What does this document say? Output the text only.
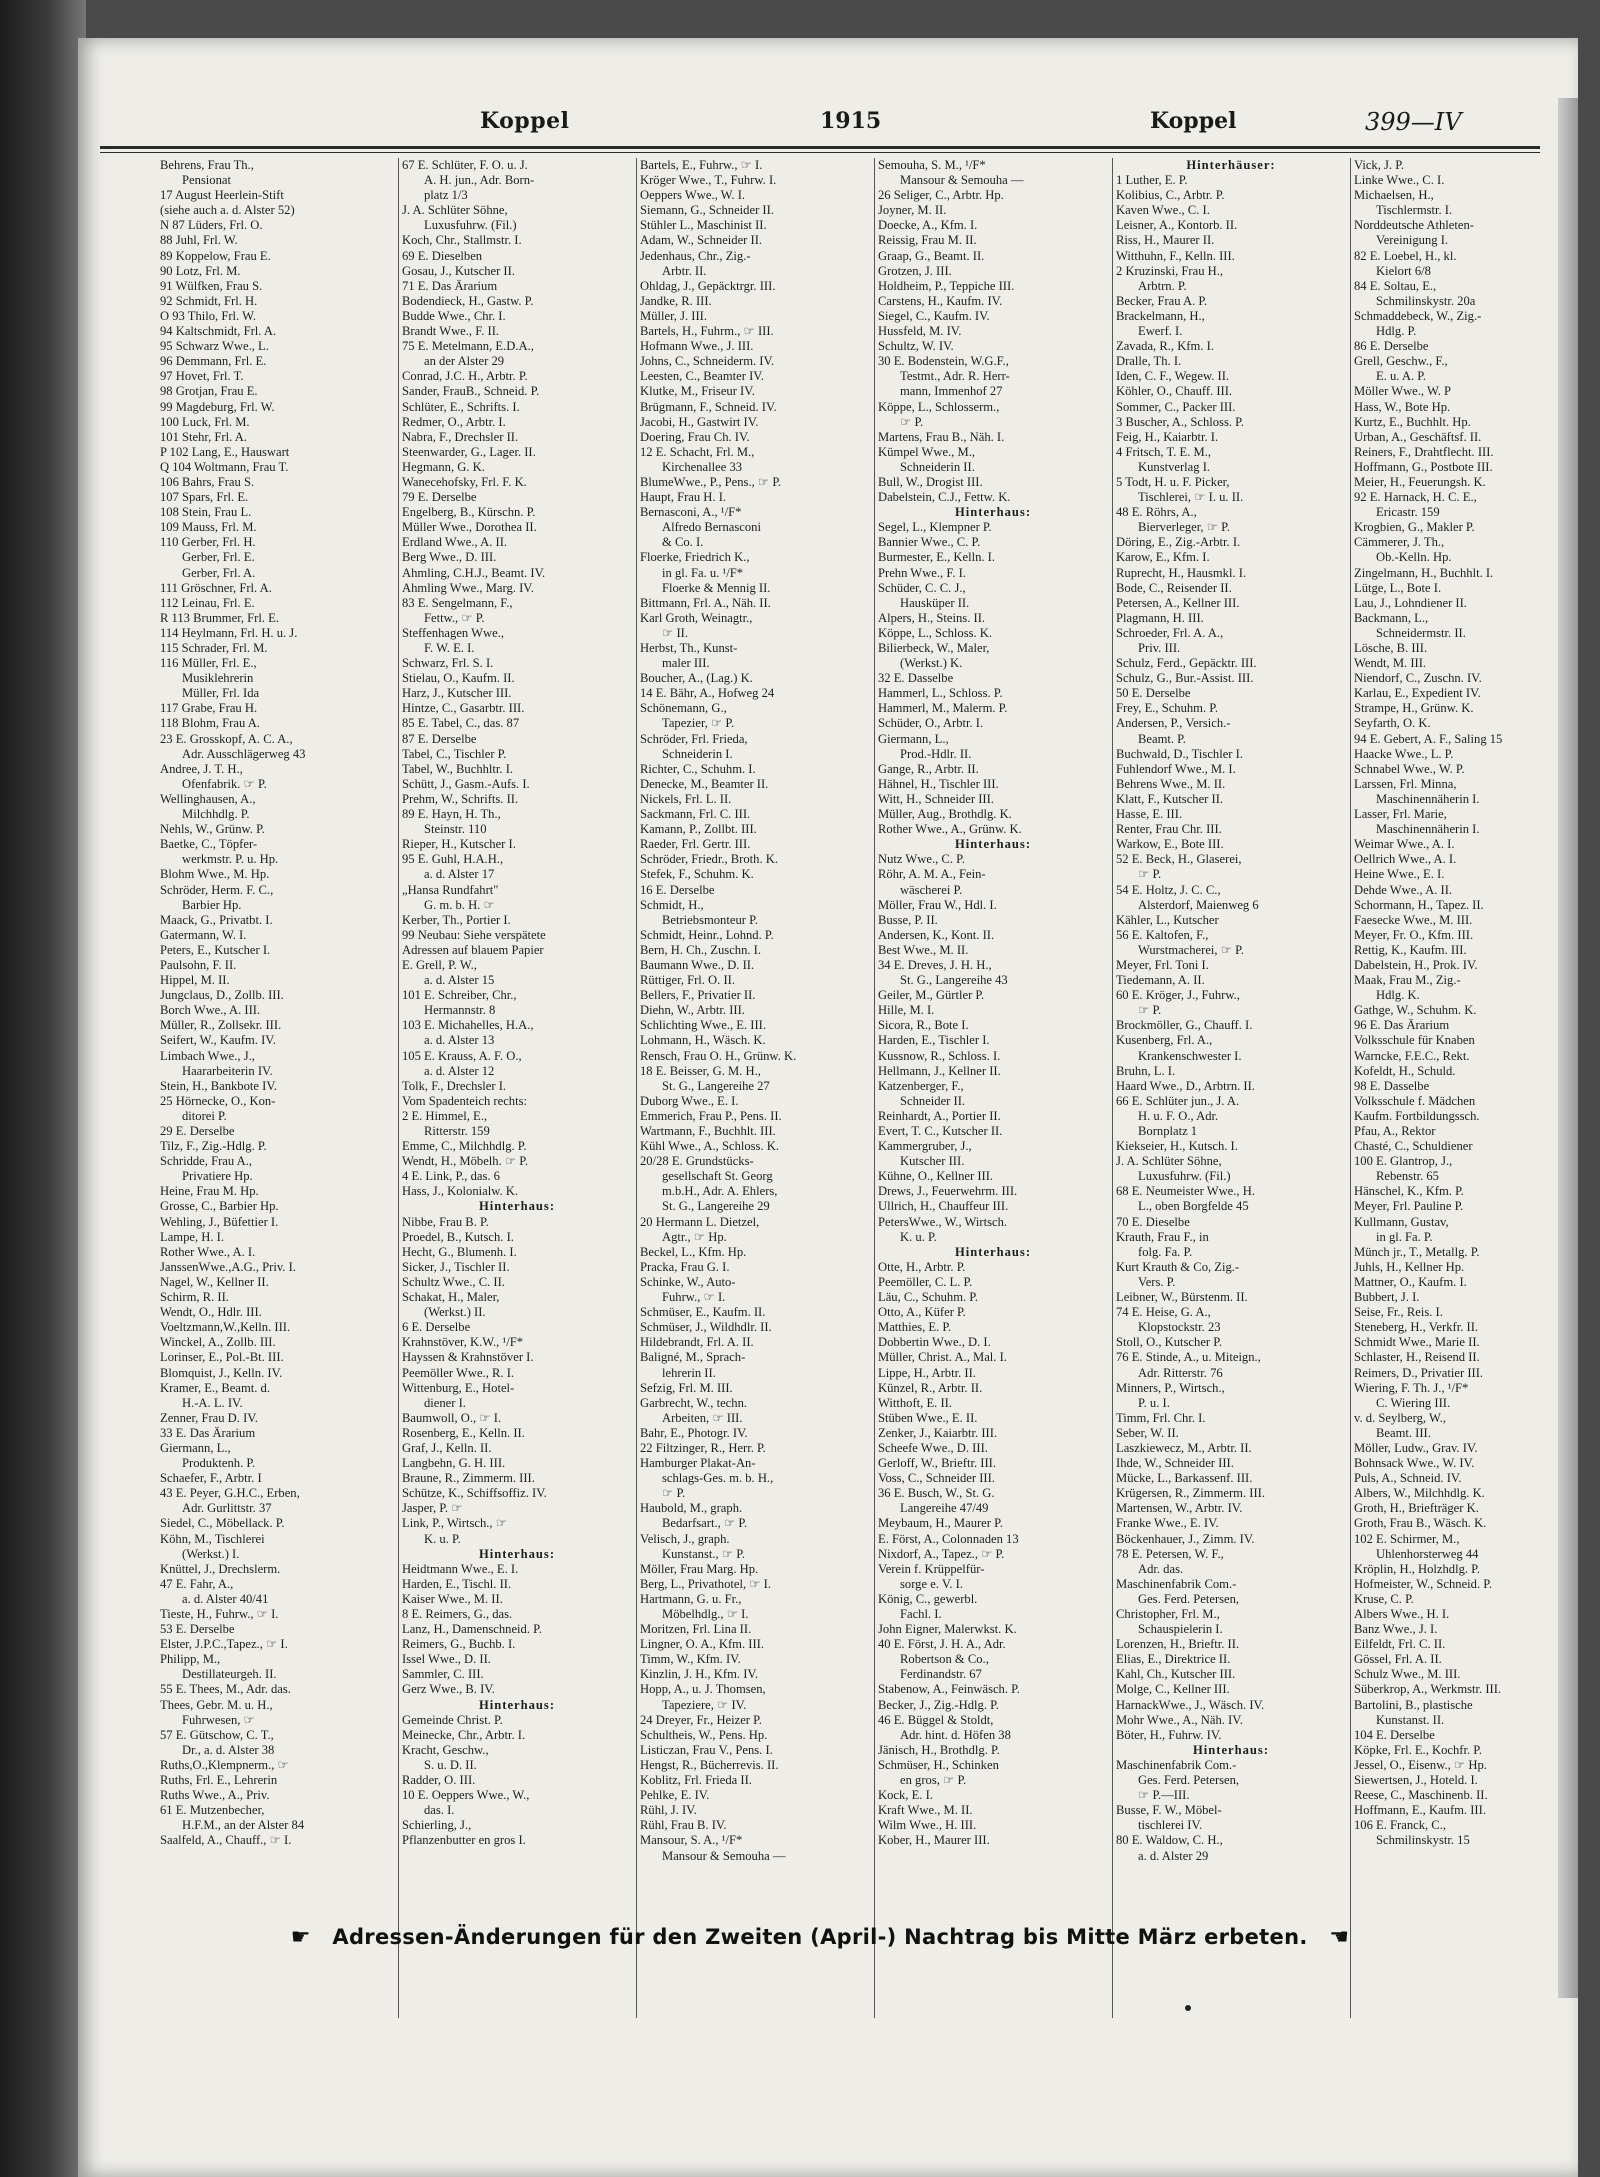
Koppel	1915	Koppel	399—IV
Behrens, Frau Th.,
Pensionat
17 August Heerlein-Stift
(siehe auch a. d. Alster 52)
N 87 Lüders, Frl. O.
88 Juhl, Frl. W.
89 Koppelow, Frau E.
90 Lotz, Frl. M.
91 Wülfken, Frau S.
92 Schmidt, Frl. H.
O 93 Thilo, Frl. W.
94 Kaltschmidt, Frl. A.
95 Schwarz Wwe., L.
96 Demmann, Frl. E.
97 Hovet, Frl. T.
98 Grotjan, Frau E.
99 Magdeburg, Frl. W.
100 Luck, Frl. M.
101 Stehr, Frl. A.
P 102 Lang, E., Hauswart
Q 104 Woltmann, Frau T.
106 Bahrs, Frau S.
107 Spars, Frl. E.
108 Stein, Frau L.
109 Mauss, Frl. M.
110 Gerber, Frl. H.
Gerber, Frl. E.
Gerber, Frl. A.
111 Gröschner, Frl. A.
112 Leinau, Frl. E.
R 113 Brummer, Frl. E.
114 Heylmann, Frl. H. u. J.
115 Schrader, Frl. M.
116 Müller, Frl. E.,
Musiklehrerin
Müller, Frl. Ida
117 Grabe, Frau H.
118 Blohm, Frau A.
23 E. Grosskopf, A. C. A.,
Adr. Ausschlägerweg 43
Andree, J. T. H.,
Ofenfabrik. ☞ P.
Wellinghausen, A.,
Milchhdlg. P.
Nehls, W., Grünw. P.
Baetke, C., Töpfer-
werkmstr. P. u. Hp.
Blohm Wwe., M. Hp.
Schröder, Herm. F. C.,
Barbier Hp.
Maack, G., Privatbt. I.
Gatermann, W. I.
Peters, E., Kutscher I.
Paulsohn, F. II.
Hippel, M. II.
Jungclaus, D., Zollb. III.
Borch Wwe., A. III.
Müller, R., Zollsekr. III.
Seifert, W., Kaufm. IV.
Limbach Wwe., J.,
Haararbeiterin IV.
Stein, H., Bankbote IV.
25 Hörnecke, O., Kon-
ditorei P.
29 E. Derselbe
Tilz, F., Zig.-Hdlg. P.
Schridde, Frau A.,
Privatiere Hp.
Heine, Frau M. Hp.
Grosse, C., Barbier Hp.
Wehling, J., Büfettier I.
Lampe, H. I.
Rother Wwe., A. I.
JanssenWwe.,A.G., Priv. I.
Nagel, W., Kellner II.
Schirm, R. II.
Wendt, O., Hdlr. III.
Voeltzmann,W.,Kelln. III.
Winckel, A., Zollb. III.
Lorinser, E., Pol.-Bt. III.
Blomquist, J., Kelln. IV.
Kramer, E., Beamt. d.
H.-A. L. IV.
Zenner, Frau D. IV.
33 E. Das Ärarium
Giermann, L.,
Produktenh. P.
Schaefer, F., Arbtr. I
43 E. Peyer, G.H.C., Erben,
Adr. Gurlittstr. 37
Siedel, C., Möbellack. P.
Köhn, M., Tischlerei
(Werkst.) I.
Knüttel, J., Drechslerm.
47 E. Fahr, A.,
a. d. Alster 40/41
Tieste, H., Fuhrw., ☞ I.
53 E. Derselbe
Elster, J.P.C.,Tapez., ☞ I.
Philipp, M.,
Destillateurgeh. II.
55 E. Thees, M., Adr. das.
Thees, Gebr. M. u. H.,
Fuhrwesen, ☞
57 E. Gütschow, C. T.,
Dr., a. d. Alster 38
Ruths,O.,Klempnerm., ☞
Ruths, Frl. E., Lehrerin
Ruths Wwe., A., Priv.
61 E. Mutzenbecher,
H.F.M., an der Alster 84
Saalfeld, A., Chauff., ☞ I.
67 E. Schlüter, F. O. u. J.
A. H. jun., Adr. Born-
platz 1/3
J. A. Schlüter Söhne,
Luxusfuhrw. (Fil.)
Koch, Chr., Stallmstr. I.
69 E. Dieselben
Gosau, J., Kutscher II.
71 E. Das Ärarium
Bodendieck, H., Gastw. P.
Budde Wwe., Chr. I.
Brandt Wwe., F. II.
75 E. Metelmann, E.D.A.,
an der Alster 29
Conrad, J.C. H., Arbtr. P.
Sander, FrauB., Schneid. P.
Schlüter, E., Schrifts. I.
Redmer, O., Arbtr. I.
Nabra, F., Drechsler II.
Steenwarder, G., Lager. II.
Hegmann, G. K.
Wanecehofsky, Frl. F. K.
79 E. Derselbe
Engelberg, B., Kürschn. P.
Müller Wwe., Dorothea II.
Erdland Wwe., A. II.
Berg Wwe., D. III.
Ahmling, C.H.J., Beamt. IV.
Ahmling Wwe., Marg. IV.
83 E. Sengelmann, F.,
Fettw., ☞ P.
Steffenhagen Wwe.,
F. W. E. I.
Schwarz, Frl. S. I.
Stielau, O., Kaufm. II.
Harz, J., Kutscher III.
Hintze, C., Gasarbtr. III.
85 E. Tabel, C., das. 87
87 E. Derselbe
Tabel, C., Tischler P.
Tabel, W., Buchhltr. I.
Schütt, J., Gasm.-Aufs. I.
Prehm, W., Schrifts. II.
89 E. Hayn, H. Th.,
Steinstr. 110
Rieper, H., Kutscher I.
95 E. Guhl, H.A.H.,
a. d. Alster 17
„Hansa Rundfahrt"
G. m. b. H. ☞
Kerber, Th., Portier I.
99 Neubau: Siehe verspätete
Adressen auf blauem Papier
E. Grell, P. W.,
a. d. Alster 15
101 E. Schreiber, Chr.,
Hermannstr. 8
103 E. Michahelles, H.A.,
a. d. Alster 13
105 E. Krauss, A. F. O.,
a. d. Alster 12
Tolk, F., Drechsler I.
Vom Spadenteich rechts:
2 E. Himmel, E.,
Ritterstr. 159
Emme, C., Milchhdlg. P.
Wendt, H., Möbelh. ☞ P.
4 E. Link, P., das. 6
Hass, J., Kolonialw. K.
Hinterhaus:
Nibbe, Frau B. P.
Proedel, B., Kutsch. I.
Hecht, G., Blumenh. I.
Sicker, J., Tischler II.
Schultz Wwe., C. II.
Schakat, H., Maler,
(Werkst.) II.
6 E. Derselbe
Krahnstöver, K.W., ¹/F*
Hayssen & Krahnstöver I.
Peemöller Wwe., R. I.
Wittenburg, E., Hotel-
diener I.
Baumwoll, O., ☞ I.
Rosenberg, E., Kelln. II.
Graf, J., Kelln. II.
Langbehn, G. H. III.
Braune, R., Zimmerm. III.
Schütze, K., Schiffsoffiz. IV.
Jasper, P. ☞
Link, P., Wirtsch., ☞
K. u. P.
Hinterhaus:
Heidtmann Wwe., E. I.
Harden, E., Tischl. II.
Kaiser Wwe., M. II.
8 E. Reimers, G., das.
Lanz, H., Damenschneid. P.
Reimers, G., Buchb. I.
Issel Wwe., D. II.
Sammler, C. III.
Gerz Wwe., B. IV.
Hinterhaus:
Gemeinde Christ. P.
Meinecke, Chr., Arbtr. I.
Kracht, Geschw.,
S. u. D. II.
Radder, O. III.
10 E. Oeppers Wwe., W.,
das. I.
Schierling, J.,
Pflanzenbutter en gros I.
Bartels, E., Fuhrw., ☞ I.
Kröger Wwe., T., Fuhrw. I.
Oeppers Wwe., W. I.
Siemann, G., Schneider II.
Stühler L., Maschinist II.
Adam, W., Schneider II.
Jedenhaus, Chr., Zig.-
Arbtr. II.
Ohldag, J., Gepäcktrgr. III.
Jandke, R. III.
Müller, J. III.
Bartels, H., Fuhrm., ☞ III.
Hofmann Wwe., J. III.
Johns, C., Schneiderm. IV.
Leesten, C., Beamter IV.
Klutke, M., Friseur IV.
Brügmann, F., Schneid. IV.
Jacobi, H., Gastwirt IV.
Doering, Frau Ch. IV.
12 E. Schacht, Frl. M.,
Kirchenallee 33
BlumeWwe., P., Pens., ☞ P.
Haupt, Frau H. I.
Bernasconi, A., ¹/F*
Alfredo Bernasconi
& Co. I.
Floerke, Friedrich K.,
in gl. Fa. u. ¹/F*
Floerke & Mennig II.
Bittmann, Frl. A., Näh. II.
Karl Groth, Weinagtr.,
☞ II.
Herbst, Th., Kunst-
maler III.
Boucher, A., (Lag.) K.
14 E. Bähr, A., Hofweg 24
Schönemann, G.,
Tapezier, ☞ P.
Schröder, Frl. Frieda,
Schneiderin I.
Richter, C., Schuhm. I.
Denecke, M., Beamter II.
Nickels, Frl. L. II.
Sackmann, Frl. C. III.
Kamann, P., Zollbt. III.
Raeder, Frl. Gertr. III.
Schröder, Friedr., Broth. K.
Stefek, F., Schuhm. K.
16 E. Derselbe
Schmidt, H.,
Betriebsmonteur P.
Schmidt, Heinr., Lohnd. P.
Bern, H. Ch., Zuschn. I.
Baumann Wwe., D. II.
Rüttiger, Frl. O. II.
Bellers, F., Privatier II.
Diehn, W., Arbtr. III.
Schlichting Wwe., E. III.
Lohmann, H., Wäsch. K.
Rensch, Frau O. H., Grünw. K.
18 E. Beisser, G. M. H.,
St. G., Langereihe 27
Duborg Wwe., E. I.
Emmerich, Frau P., Pens. II.
Wartmann, F., Buchhlt. III.
Kühl Wwe., A., Schloss. K.
20/28 E. Grundstücks-
gesellschaft St. Georg
m.b.H., Adr. A. Ehlers,
St. G., Langereihe 29
20 Hermann L. Dietzel,
Agtr., ☞ Hp.
Beckel, L., Kfm. Hp.
Pracka, Frau G. I.
Schinke, W., Auto-
Fuhrw., ☞ I.
Schmüser, E., Kaufm. II.
Schmüser, J., Wildhdlr. II.
Hildebrandt, Frl. A. II.
Baligné, M., Sprach-
lehrerin II.
Sefzig, Frl. M. III.
Garbrecht, W., techn.
Arbeiten, ☞ III.
Bahr, E., Photogr. IV.
22 Filtzinger, R., Herr. P.
Hamburger Plakat-An-
schlags-Ges. m. b. H.,
☞ P.
Haubold, M., graph.
Bedarfsart., ☞ P.
Velisch, J., graph.
Kunstanst., ☞ P.
Möller, Frau Marg. Hp.
Berg, L., Privathotel, ☞ I.
Hartmann, G. u. Fr.,
Möbelhdlg., ☞ I.
Moritzen, Frl. Lina II.
Lingner, O. A., Kfm. III.
Timm, W., Kfm. IV.
Kinzlin, J. H., Kfm. IV.
Hopp, A., u. J. Thomsen,
Tapeziere, ☞ IV.
24 Dreyer, Fr., Heizer P.
Schultheis, W., Pens. Hp.
Listiczan, Frau V., Pens. I.
Hengst, R., Bücherrevis. II.
Koblitz, Frl. Frieda II.
Pehlke, E. IV.
Rühl, J. IV.
Rühl, Frau B. IV.
Mansour, S. A., ¹/F*
Mansour & Semouha —
Semouha, S. M., ¹/F*
Mansour & Semouha —
26 Seliger, C., Arbtr. Hp.
Joyner, M. II.
Doecke, A., Kfm. I.
Reissig, Frau M. II.
Graap, G., Beamt. II.
Grotzen, J. III.
Holdheim, P., Teppiche III.
Carstens, H., Kaufm. IV.
Siegel, C., Kaufm. IV.
Hussfeld, M. IV.
Schultz, W. IV.
30 E. Bodenstein, W.G.F.,
Testmt., Adr. R. Herr-
mann, Immenhof 27
Köppe, L., Schlosserm.,
☞ P.
Martens, Frau B., Näh. I.
Kümpel Wwe., M.,
Schneiderin II.
Bull, W., Drogist III.
Dabelstein, C.J., Fettw. K.
Hinterhaus:
Segel, L., Klempner P.
Bannier Wwe., C. P.
Burmester, E., Kelln. I.
Prehn Wwe., F. I.
Schüder, C. C. J.,
Hausküper II.
Alpers, H., Steins. II.
Köppe, L., Schloss. K.
Bilierbeck, W., Maler,
(Werkst.) K.
32 E. Dasselbe
Hammerl, L., Schloss. P.
Hammerl, M., Malerm. P.
Schüder, O., Arbtr. I.
Giermann, L.,
Prod.-Hdlr. II.
Gange, R., Arbtr. II.
Hähnel, H., Tischler III.
Witt, H., Schneider III.
Müller, Aug., Brothdlg. K.
Rother Wwe., A., Grünw. K.
Hinterhaus:
Nutz Wwe., C. P.
Röhr, A. M. A., Fein-
wäscherei P.
Möller, Frau W., Hdl. I.
Busse, P. II.
Andersen, K., Kont. II.
Best Wwe., M. II.
34 E. Dreves, J. H. H.,
St. G., Langereihe 43
Geiler, M., Gürtler P.
Hille, M. I.
Sicora, R., Bote I.
Harden, E., Tischler I.
Kussnow, R., Schloss. I.
Hellmann, J., Kellner II.
Katzenberger, F.,
Schneider II.
Reinhardt, A., Portier II.
Evert, T. C., Kutscher II.
Kammergruber, J.,
Kutscher III.
Kühne, O., Kellner III.
Drews, J., Feuerwehrm. III.
Ullrich, H., Chauffeur III.
PetersWwe., W., Wirtsch.
K. u. P.
Hinterhaus:
Otte, H., Arbtr. P.
Peemöller, C. L. P.
Läu, C., Schuhm. P.
Otto, A., Küfer P.
Matthies, E. P.
Dobbertin Wwe., D. I.
Müller, Christ. A., Mal. I.
Lippe, H., Arbtr. II.
Künzel, R., Arbtr. II.
Witthoft, E. II.
Stüben Wwe., E. II.
Zenker, J., Kaiarbtr. III.
Scheefe Wwe., D. III.
Gerloff, W., Brieftr. III.
Voss, C., Schneider III.
36 E. Busch, W., St. G.
Langereihe 47/49
Meybaum, H., Maurer P.
E. Först, A., Colonnaden 13
Nixdorf, A., Tapez., ☞ P.
Verein f. Krüppelfür-
sorge e. V. I.
König, C., gewerbl.
Fachl. I.
John Eigner, Malerwkst. K.
40 E. Först, J. H. A., Adr.
Robertson & Co.,
Ferdinandstr. 67
Stabenow, A., Feinwäsch. P.
Becker, J., Zig.-Hdlg. P.
46 E. Büggel & Stoldt,
Adr. hint. d. Höfen 38
Jänisch, H., Brothdlg. P.
Schmüser, H., Schinken
en gros, ☞ P.
Kock, E. I.
Kraft Wwe., M. II.
Wilm Wwe., H. III.
Kober, H., Maurer III.
Hinterhäuser:
1 Luther, E. P.
Kolibius, C., Arbtr. P.
Kaven Wwe., C. I.
Leisner, A., Kontorb. II.
Riss, H., Maurer II.
Witthuhn, F., Kelln. III.
2 Kruzinski, Frau H.,
Arbtrn. P.
Becker, Frau A. P.
Brackelmann, H.,
Ewerf. I.
Zavada, R., Kfm. I.
Dralle, Th. I.
Iden, C. F., Wegew. II.
Köhler, O., Chauff. III.
Sommer, C., Packer III.
3 Buscher, A., Schloss. P.
Feig, H., Kaiarbtr. I.
4 Fritsch, T. E. M.,
Kunstverlag I.
5 Todt, H. u. F. Picker,
Tischlerei, ☞ I. u. II.
48 E. Röhrs, A.,
Bierverleger, ☞ P.
Döring, E., Zig.-Arbtr. I.
Karow, E., Kfm. I.
Ruprecht, H., Hausmkl. I.
Bode, C., Reisender II.
Petersen, A., Kellner III.
Plagmann, H. III.
Schroeder, Frl. A. A.,
Priv. III.
Schulz, Ferd., Gepäcktr. III.
Schulz, G., Bur.-Assist. III.
50 E. Derselbe
Frey, E., Schuhm. P.
Andersen, P., Versich.-
Beamt. P.
Buchwald, D., Tischler I.
Fuhlendorf Wwe., M. I.
Behrens Wwe., M. II.
Klatt, F., Kutscher II.
Hasse, E. III.
Renter, Frau Chr. III.
Warkow, E., Bote III.
52 E. Beck, H., Glaserei,
☞ P.
54 E. Holtz, J. C. C.,
Alsterdorf, Maienweg 6
Kähler, L., Kutscher
56 E. Kaltofen, F.,
Wurstmacherei, ☞ P.
Meyer, Frl. Toni I.
Tiedemann, A. II.
60 E. Kröger, J., Fuhrw.,
☞ P.
Brockmöller, G., Chauff. I.
Kusenberg, Frl. A.,
Krankenschwester I.
Bruhn, L. I.
Haard Wwe., D., Arbtrn. II.
66 E. Schlüter jun., J. A.
H. u. F. O., Adr.
Bornplatz 1
Kiekseier, H., Kutsch. I.
J. A. Schlüter Söhne,
Luxusfuhrw. (Fil.)
68 E. Neumeister Wwe., H.
L., oben Borgfelde 45
70 E. Dieselbe
Krauth, Frau F., in
folg. Fa. P.
Kurt Krauth & Co, Zig.-
Vers. P.
Leibner, W., Bürstenm. II.
74 E. Heise, G. A.,
Klopstockstr. 23
Stoll, O., Kutscher P.
76 E. Stinde, A., u. Miteign.,
Adr. Ritterstr. 76
Minners, P., Wirtsch.,
P. u. I.
Timm, Frl. Chr. I.
Seber, W. II.
Laszkiewecz, M., Arbtr. II.
Ihde, W., Schneider III.
Mücke, L., Barkassenf. III.
Krügersen, R., Zimmerm. III.
Martensen, W., Arbtr. IV.
Franke Wwe., E. IV.
Böckenhauer, J., Zimm. IV.
78 E. Petersen, W. F.,
Adr. das.
Maschinenfabrik Com.-
Ges. Ferd. Petersen,
Christopher, Frl. M.,
Schauspielerin I.
Lorenzen, H., Brieftr. II.
Elias, E., Direktrice II.
Kahl, Ch., Kutscher III.
Molge, C., Kellner III.
HarnackWwe., J., Wäsch. IV.
Mohr Wwe., A., Näh. IV.
Böter, H., Fuhrw. IV.
Hinterhaus:
Maschinenfabrik Com.-
Ges. Ferd. Petersen,
☞ P.—III.
Busse, F. W., Möbel-
tischlerei IV.
80 E. Waldow, C. H.,
a. d. Alster 29
Vick, J. P.
Linke Wwe., C. I.
Michaelsen, H.,
Tischlermstr. I.
Norddeutsche Athleten-
Vereinigung I.
82 E. Loebel, H., kl.
Kielort 6/8
84 E. Soltau, E.,
Schmilinskystr. 20a
Schmaddebeck, W., Zig.-
Hdlg. P.
86 E. Derselbe
Grell, Geschw., F.,
E. u. A. P.
Möller Wwe., W. P
Hass, W., Bote Hp.
Kurtz, E., Buchhlt. Hp.
Urban, A., Geschäftsf. II.
Reiners, F., Drahtflecht. III.
Hoffmann, G., Postbote III.
Meier, H., Feuerungsh. K.
92 E. Harnack, H. C. E.,
Ericastr. 159
Krogbien, G., Makler P.
Cämmerer, J. Th.,
Ob.-Kelln. Hp.
Zingelmann, H., Buchhlt. I.
Lütge, L., Bote I.
Lau, J., Lohndiener II.
Backmann, L.,
Schneidermstr. II.
Lösche, B. III.
Wendt, M. III.
Niendorf, C., Zuschn. IV.
Karlau, E., Expedient IV.
Strampe, H., Grünw. K.
Seyfarth, O. K.
94 E. Gebert, A. F., Saling 15
Haacke Wwe., L. P.
Schnabel Wwe., W. P.
Larssen, Frl. Minna,
Maschinennäherin I.
Lasser, Frl. Marie,
Maschinennäherin I.
Weimar Wwe., A. I.
Oellrich Wwe., A. I.
Heine Wwe., E. I.
Dehde Wwe., A. II.
Schormann, H., Tapez. II.
Faesecke Wwe., M. III.
Meyer, Fr. O., Kfm. III.
Rettig, K., Kaufm. III.
Dabelstein, H., Prok. IV.
Maak, Frau M., Zig.-
Hdlg. K.
Gathge, W., Schuhm. K.
96 E. Das Ärarium
Volksschule für Knaben
Warncke, F.E.C., Rekt.
Kofeldt, H., Schuld.
98 E. Dasselbe
Volksschule f. Mädchen
Kaufm. Fortbildungssch.
Pfau, A., Rektor
Chasté, C., Schuldiener
100 E. Glantrop, J.,
Rebenstr. 65
Hänschel, K., Kfm. P.
Meyer, Frl. Pauline P.
Kullmann, Gustav,
in gl. Fa. P.
Münch jr., T., Metallg. P.
Juhls, H., Kellner Hp.
Mattner, O., Kaufm. I.
Bubbert, J. I.
Seise, Fr., Reis. I.
Steneberg, H., Verkfr. II.
Schmidt Wwe., Marie II.
Schlaster, H., Reisend II.
Reimers, D., Privatier III.
Wiering, F. Th. J., ¹/F*
C. Wiering III.
v. d. Seylberg, W.,
Beamt. III.
Möller, Ludw., Grav. IV.
Bohnsack Wwe., W. IV.
Puls, A., Schneid. IV.
Albers, W., Milchhdlg. K.
Groth, H., Briefträger K.
Groth, Frau B., Wäsch. K.
102 E. Schirmer, M.,
Uhlenhorsterweg 44
Kröplin, H., Holzhdlg. P.
Hofmeister, W., Schneid. P.
Kruse, C. P.
Albers Wwe., H. I.
Banz Wwe., J. I.
Eilfeldt, Frl. C. II.
Gössel, Frl. A. II.
Schulz Wwe., M. III.
Süberkrop, A., Werkmstr. III.
Bartolini, B., plastische
Kunstanst. II.
104 E. Derselbe
Köpke, Frl. E., Kochfr. P.
Jessel, O., Eisenw., ☞ Hp.
Siewertsen, J., Hoteld. I.
Reese, C., Maschinenb. II.
Hoffmann, E., Kaufm. III.
106 E. Franck, C.,
Schmilinskystr. 15
☛ Adressen-Änderungen für den Zweiten (April-) Nachtrag bis Mitte März erbeten. ☚
